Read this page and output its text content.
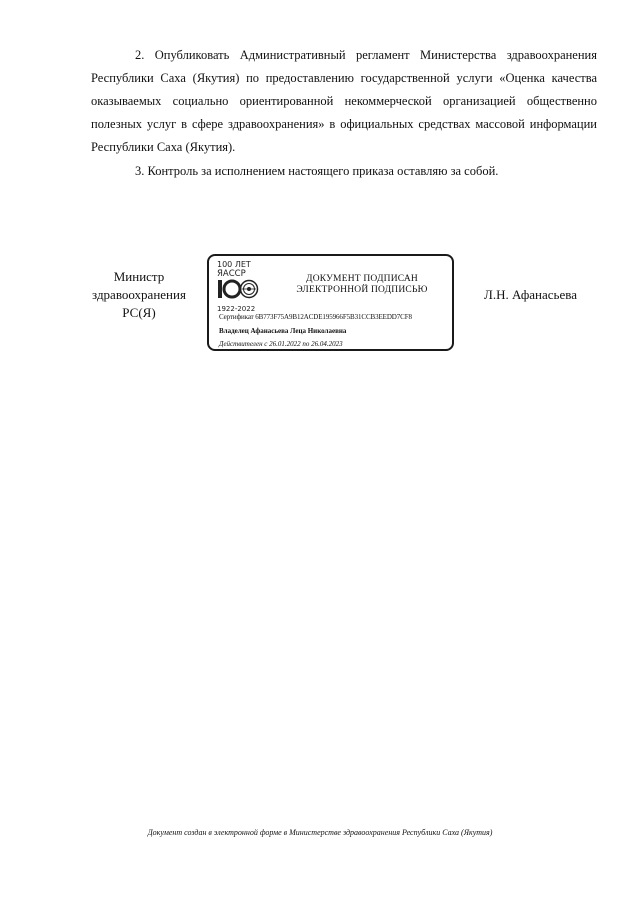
2. Опубликовать Административный регламент Министерства здравоохранения Республики Саха (Якутия) по предоставлению государственной услуги «Оценка качества оказываемых социально ориентированной некоммерческой организацией общественно полезных услуг в сфере здравоохранения» в официальных средствах массовой информации Республики Саха (Якутия).

3. Контроль за исполнением настоящего приказа оставляю за собой.

Министр
здравоохранения
РС(Я)
100 ЛЕТ
ЯАССР
1922-2022
ДОКУМЕНТ ПОДПИСАН
ЭЛЕКТРОННОЙ ПОДПИСЬЮ
Сертификат 6B773F75A9B12ACDE195966F5B31CCB3EEDD7CF8
Владелец Афанасьева Леца Николаевна
Действителен с 26.01.2022 по 26.04.2023
Л.Н. Афанасьева
Документ создан в электронной форме в Министерстве здравоохранения Республики Саха (Якутия)
